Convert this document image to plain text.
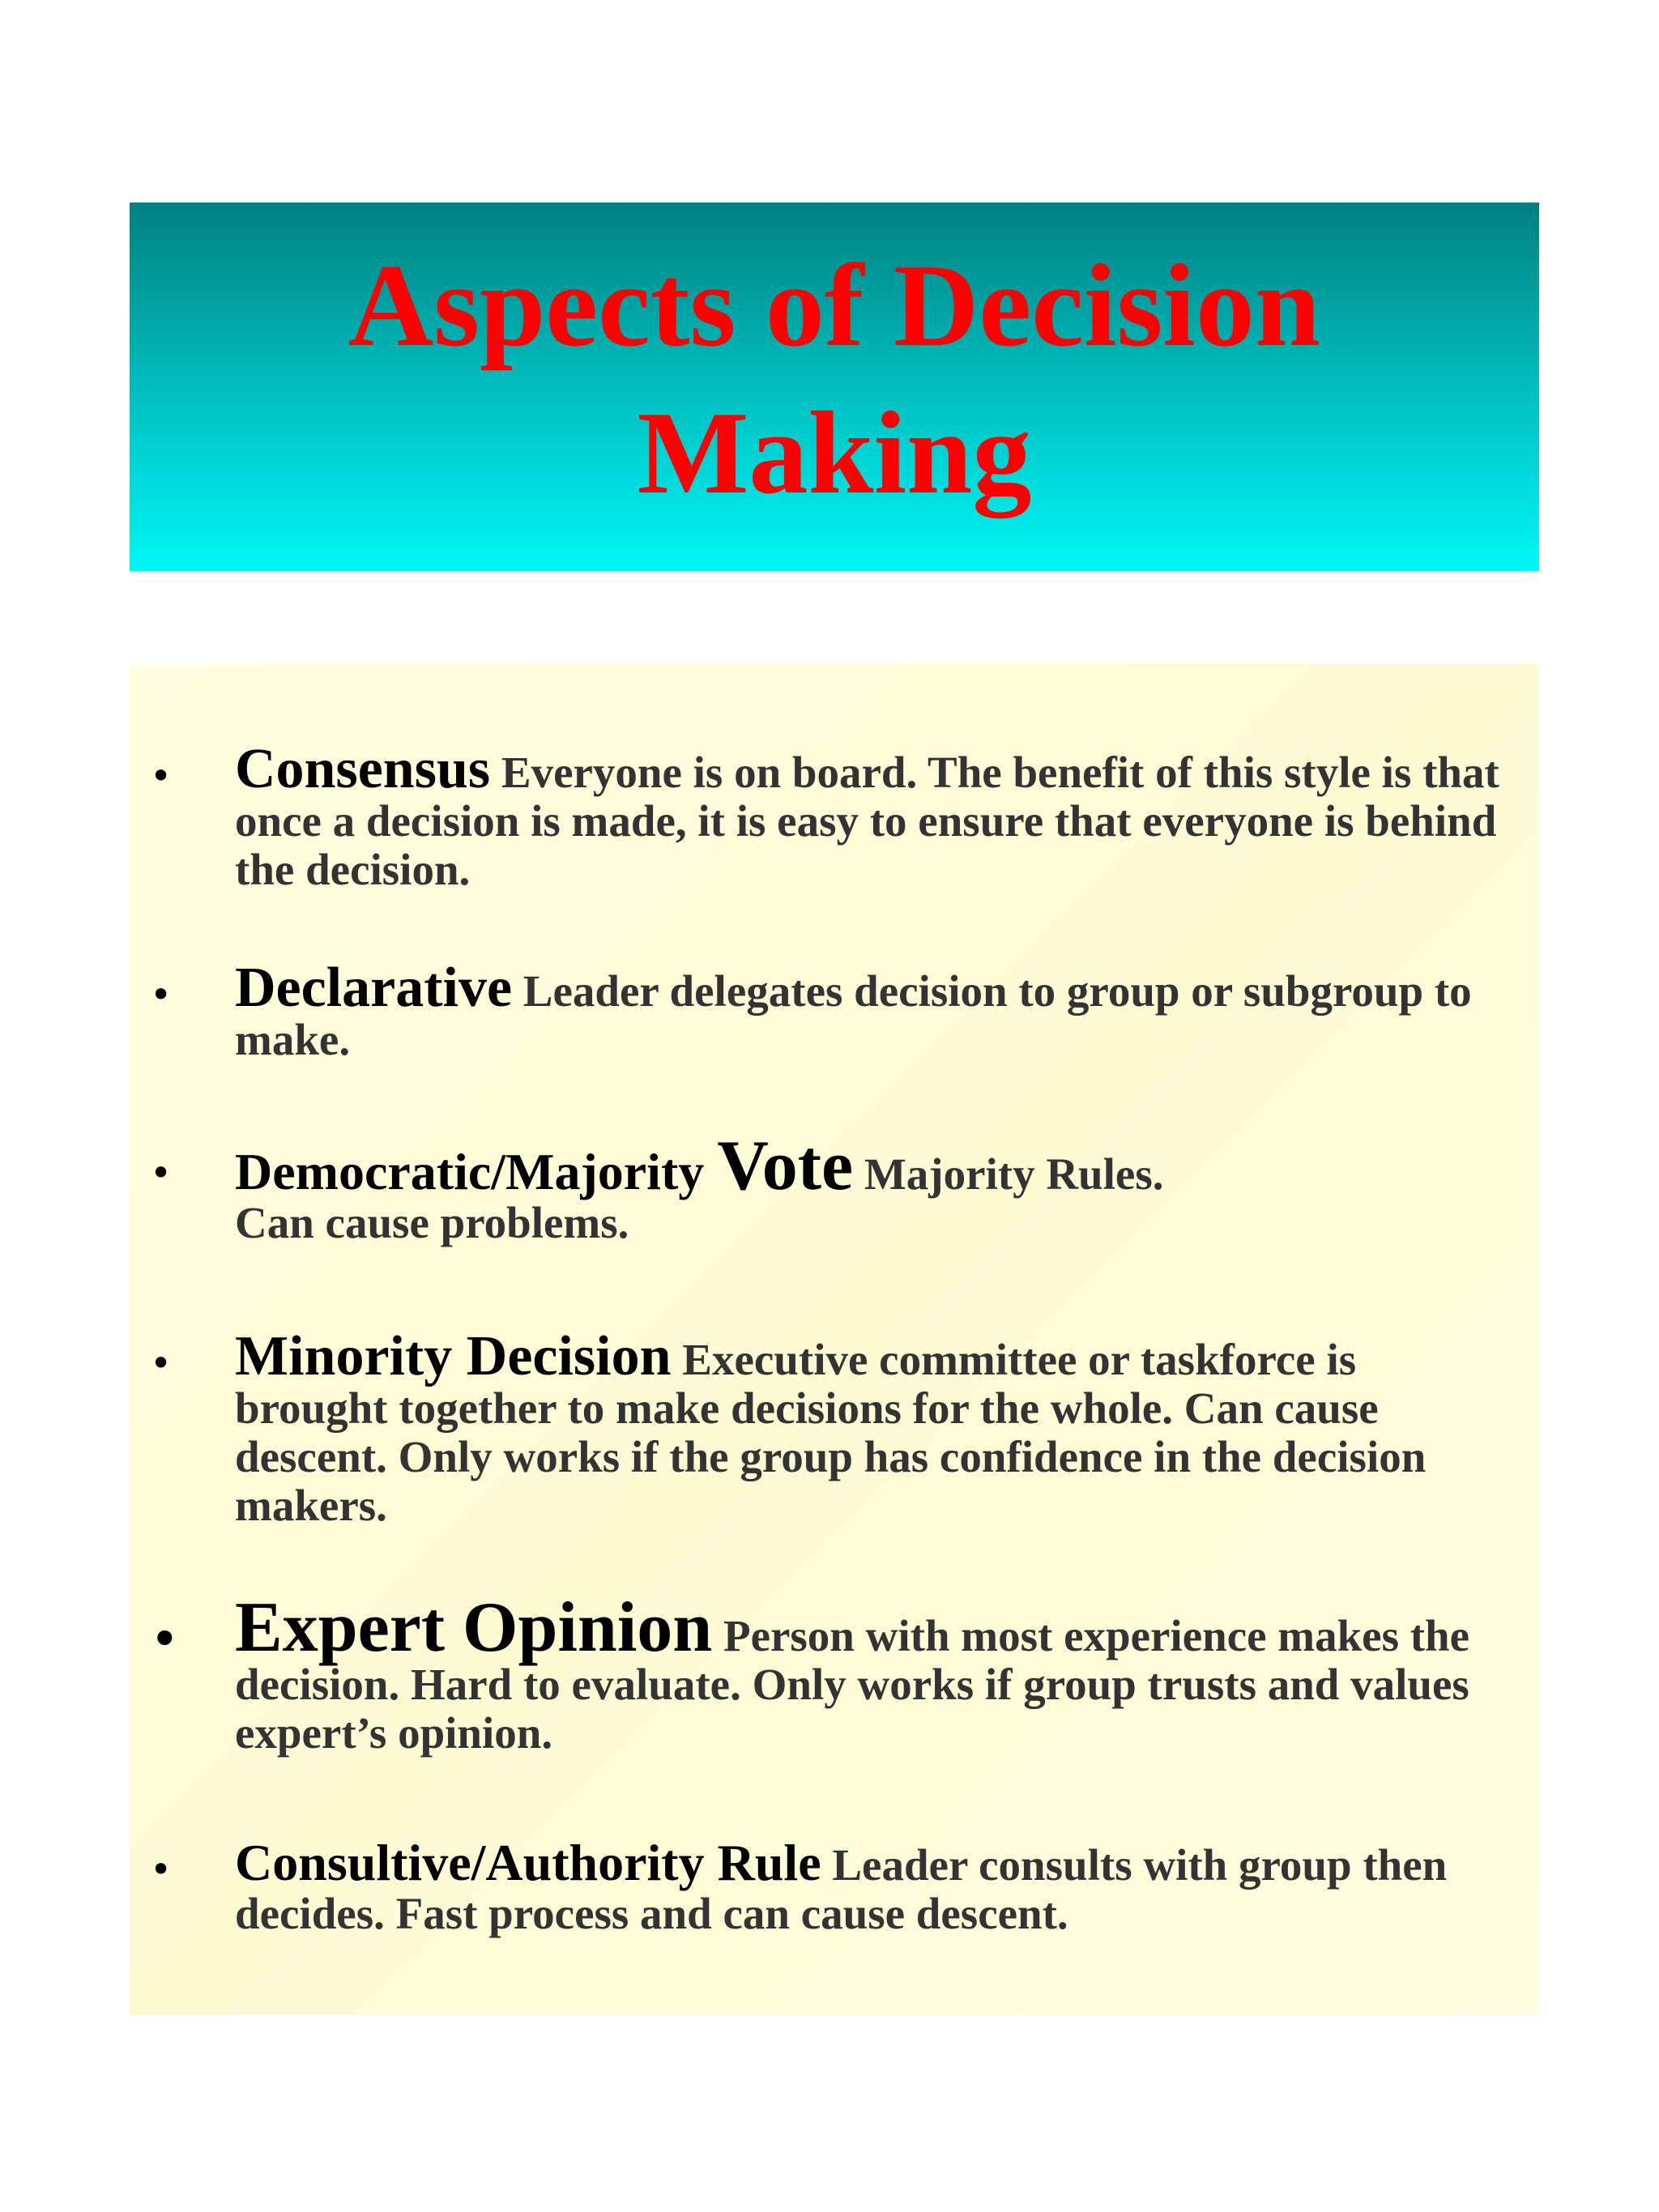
Aspects of Decision Making
• Consensus Everyone is on board. The benefit of this style is that once a decision is made, it is easy to ensure that everyone is behind the decision.
• Declarative Leader delegates decision to group or subgroup to make.
• Democratic/Majority Vote Majority Rules.
Can cause problems.
• Minority Decision Executive committee or taskforce is brought together to make decisions for the whole. Can cause descent. Only works if the group has confidence in the decision makers.
• Expert Opinion Person with most experience makes the decision. Hard to evaluate. Only works if group trusts and values expert’s opinion.
• Consultive/Authority Rule Leader consults with group then decides. Fast process and can cause descent.
